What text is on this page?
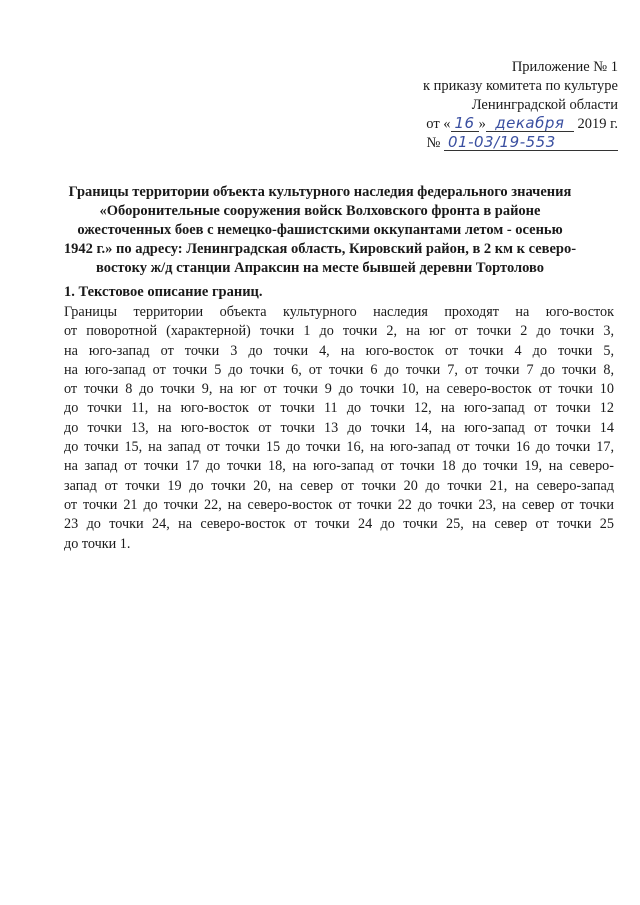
Приложение № 1
к приказу комитета по культуре
Ленинградской области
от « 16 » декабря 2019 г.
№ 01-03/19-553
Границы территории объекта культурного наследия федерального значения
«Оборонительные сооружения войск Волховского фронта в районе
ожесточенных боев с немецко-фашистскими оккупантами летом - осенью
1942 г.» по адресу: Ленинградская область, Кировский район, в 2 км к северо-
востоку ж/д станции Апраксин на месте бывшей деревни Тортолово
1. Текстовое описание границ.
Границы территории объекта культурного наследия проходят на юго-восток
от поворотной (характерной) точки 1 до точки 2, на юг от точки 2 до точки 3,
на юго-запад от точки 3 до точки 4, на юго-восток от точки 4 до точки 5,
на юго-запад от точки 5 до точки 6, от точки 6 до точки 7, от точки 7 до точки 8,
от точки 8 до точки 9, на юг от точки 9 до точки 10, на северо-восток от точки 10
до точки 11, на юго-восток от точки 11 до точки 12, на юго-запад от точки 12
до точки 13, на юго-восток от точки 13 до точки 14, на юго-запад от точки 14
до точки 15, на запад от точки 15 до точки 16, на юго-запад от точки 16 до точки 17,
на запад от точки 17 до точки 18, на юго-запад от точки 18 до точки 19, на северо-
запад от точки 19 до точки 20, на север от точки 20 до точки 21, на северо-запад
от точки 21 до точки 22, на северо-восток от точки 22 до точки 23, на север от точки
23 до точки 24, на северо-восток от точки 24 до точки 25, на север от точки 25
до точки 1.
